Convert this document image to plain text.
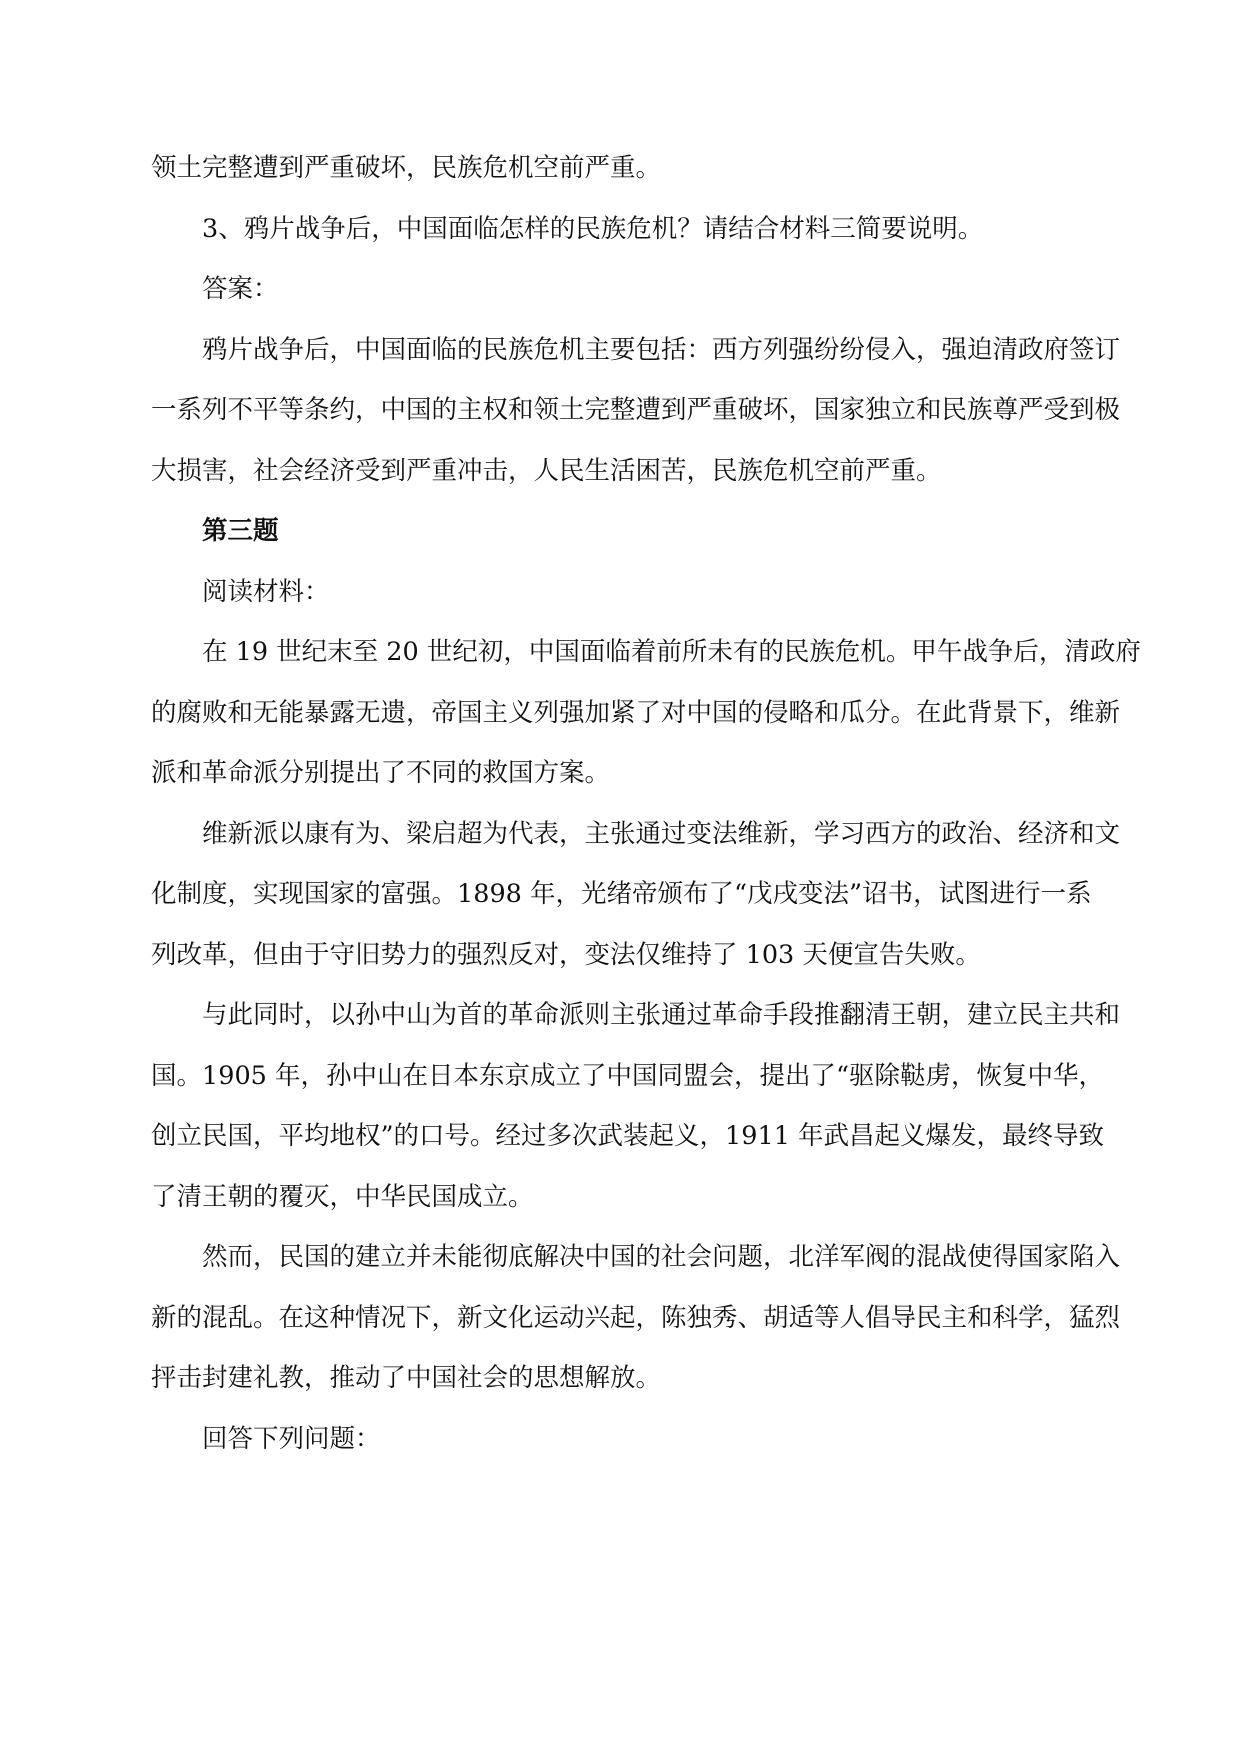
领土完整遭到严重破坏，民族危机空前严重。

3、鸦片战争后，中国面临怎样的民族危机？请结合材料三简要说明。

答案：

鸦片战争后，中国面临的民族危机主要包括：西方列强纷纷侵入，强迫清政府签订

一系列不平等条约，中国的主权和领土完整遭到严重破坏，国家独立和民族尊严受到极

大损害，社会经济受到严重冲击，人民生活困苦，民族危机空前严重。

第三题

阅读材料：

在 19 世纪末至 20 世纪初，中国面临着前所未有的民族危机。甲午战争后，清政府

的腐败和无能暴露无遗，帝国主义列强加紧了对中国的侵略和瓜分。在此背景下，维新

派和革命派分别提出了不同的救国方案。

维新派以康有为、梁启超为代表，主张通过变法维新，学习西方的政治、经济和文

化制度，实现国家的富强。1898 年，光绪帝颁布了“戊戌变法”诏书，试图进行一系

列改革，但由于守旧势力的强烈反对，变法仅维持了 103 天便宣告失败。

与此同时，以孙中山为首的革命派则主张通过革命手段推翻清王朝，建立民主共和

国。1905 年，孙中山在日本东京成立了中国同盟会，提出了“驱除鞑虏，恢复中华，

创立民国，平均地权”的口号。经过多次武装起义，1911 年武昌起义爆发，最终导致

了清王朝的覆灭，中华民国成立。

然而，民国的建立并未能彻底解决中国的社会问题，北洋军阀的混战使得国家陷入

新的混乱。在这种情况下，新文化运动兴起，陈独秀、胡适等人倡导民主和科学，猛烈

抨击封建礼教，推动了中国社会的思想解放。

回答下列问题：
